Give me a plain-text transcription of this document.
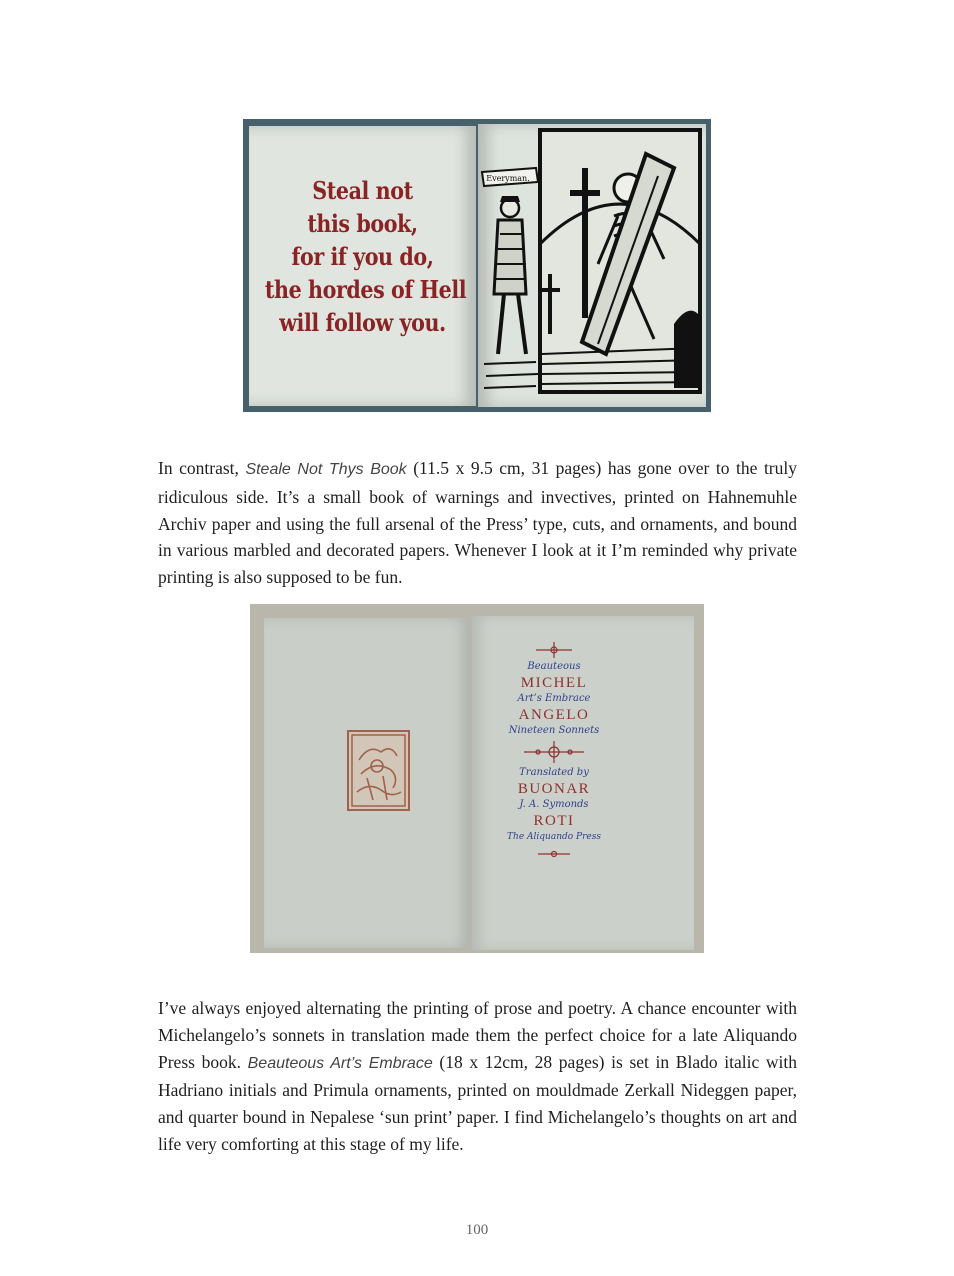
Steal not
this book,
for if you do,
the hordes of Hell
will follow you.
Everyman.

In contrast, Steale Not Thys Book (11.5 x 9.5 cm, 31 pages) has gone over to the truly ridiculous side. It’s a small book of warnings and invectives, printed on Hahnemuhle Archiv paper and using the full arsenal of the Press’ type, cuts, and ornaments, and bound in various marbled and decorated papers. Whenever I look at it I’m reminded why private printing is also supposed to be fun.

Beauteous
MICHEL
Art’s Embrace
ANGELO
Nineteen Sonnets
Translated by
BUONAR
J. A. Symonds
ROTI
The Aliquando Press

I’ve always enjoyed alternating the printing of prose and poetry. A chance encounter with Michelangelo’s sonnets in translation made them the perfect choice for a late Aliquando Press book. Beauteous Art’s Embrace (18 x 12cm, 28 pages) is set in Blado italic with Hadriano initials and Primula ornaments, printed on mouldmade Zerkall Nideggen paper, and quarter bound in Nepalese ‘sun print’ paper. I find Michelangelo’s thoughts on art and life very comforting at this stage of my life.

100
